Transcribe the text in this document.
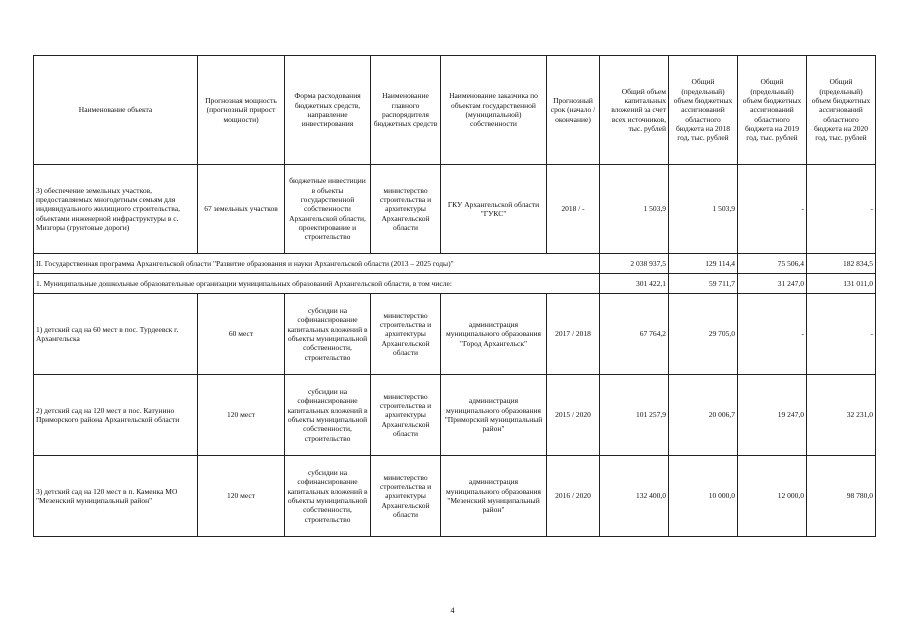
Наименование объекта	Прогнозная мощность (прогнозный прирост мощности)	Форма расходования бюджетных средств, направление инвестирования	Наименование главного распорядителя бюджетных средств	Наименование заказчика по объектам государственной (муниципальной) собственности	Прогнозный срок (начало / окончание)	Общий объем капитальных вложений за счет всех источников, тыс. рублей	Общий (предельный) объем бюджетных ассигнований областного бюджета на 2018 год, тыс. рублей	Общий (предельный) объем бюджетных ассигнований областного бюджета на 2019 год, тыс. рублей	Общий (предельный) объем бюджетных ассигнований областного бюджета на 2020 год, тыс. рублей
3) обеспечение земельных участков, предоставляемых многодетным семьям для индивидуального жилищного строительства, объектами инженерной инфраструктуры в с. Мизгоры (грунтовые дороги)	67 земельных участков	бюджетные инвестиции в объекты государственной собственности Архангельской области, проектирование и строительство	министерство строительства и архитектуры Архангельской области	ГКУ Архангельской области "ГУКС"	2018 / -	1 503,9	1 503,9	-	-
II. Государственная программа Архангельской области "Развитие образования и науки Архангельской области (2013 – 2025 годы)"						2 038 937,5	129 114,4	75 506,4	182 834,5
1. Муниципальные дошкольные образовательные организации муниципальных образований Архангельской области, в том числе:						301 422,1	59 711,7	31 247,0	131 011,0
1) детский сад на 60 мест в пос. Турдеевск г. Архангельска	60 мест	субсидии на софинансирование капитальных вложений в объекты муниципальной собственности, строительство	министерство строительства и архитектуры Архангельской области	администрация муниципального образования "Город Архангельск"	2017 / 2018	67 764,2	29 705,0	-	-
2) детский сад на 120 мест в пос. Катунино Приморского района Архангельской области	120 мест	субсидии на софинансирование капитальных вложений в объекты муниципальной собственности, строительство	министерство строительства и архитектуры Архангельской области	администрация муниципального образования "Приморский муниципальный район"	2015 / 2020	101 257,9	20 006,7	19 247,0	32 231,0
3) детский сад на 120 мест в п. Каменка МО "Мезенский муниципальный район"	120 мест	субсидии на софинансирование капитальных вложений в объекты муниципальной собственности, строительство	министерство строительства и архитектуры Архангельской области	администрация муниципального образования "Мезенский муниципальный район"	2016 / 2020	132 400,0	10 000,0	12 000,0	98 780,0
4
